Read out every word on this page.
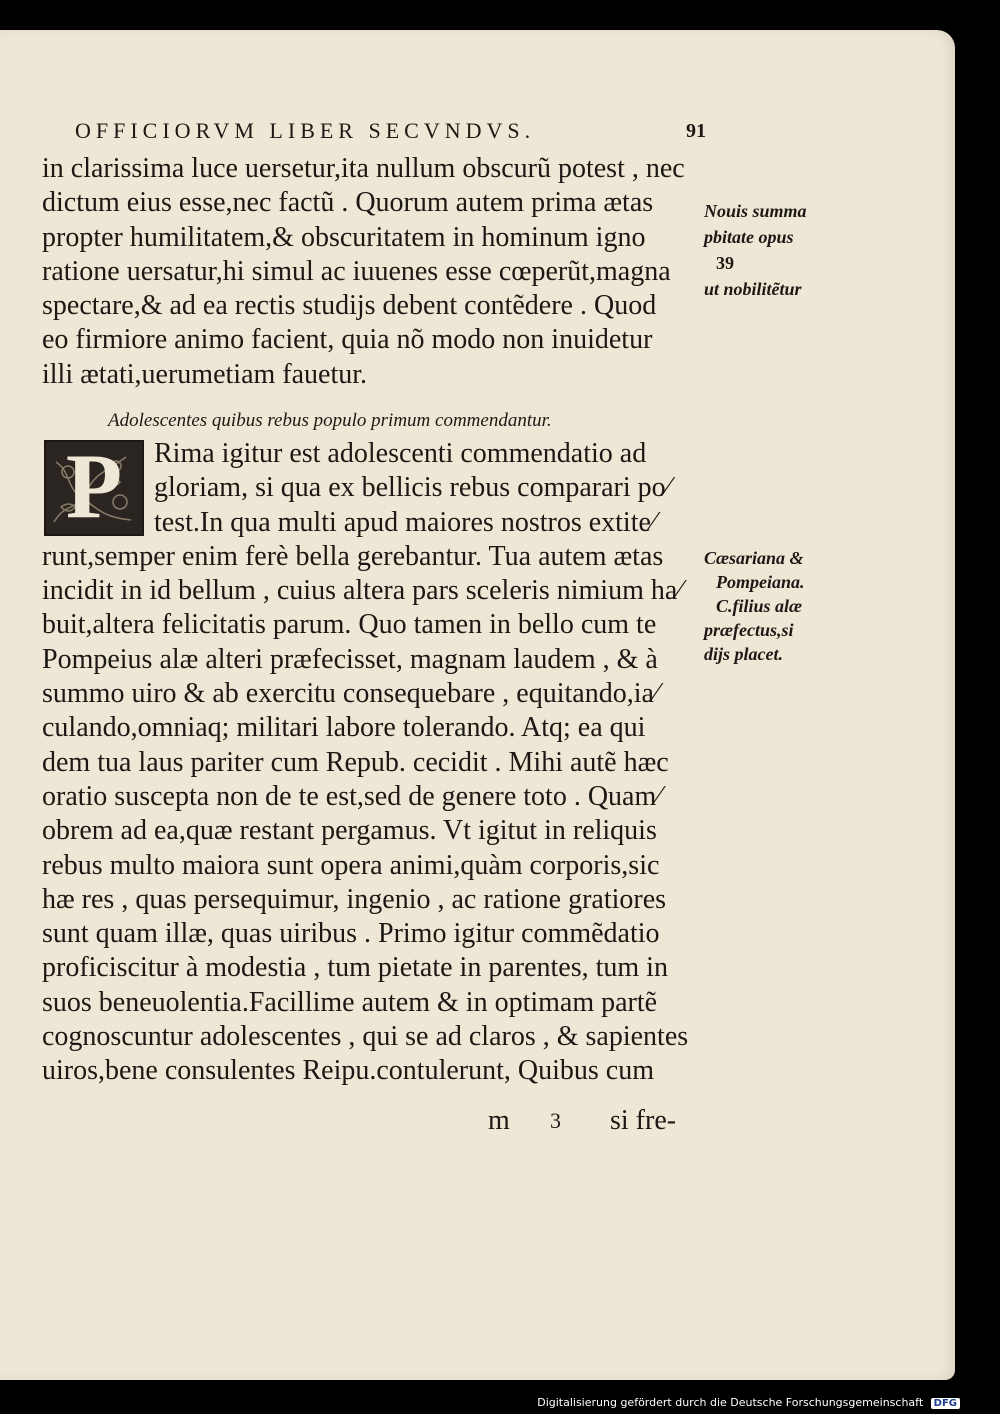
OFFICIORVM LIBER SECVNDVS.	91
in clarissima luce uersetur,ita nullum obscurũ potest , nec
dictum eius esse,nec factũ . Quorum autem prima ætas
propter humilitatem,& obscuritatem in hominum igno
ratione uersatur,hi simul ac iuuenes esse cœperũt,magna
spectare,& ad ea rectis studijs debent contẽdere . Quod
eo firmiore animo facient, quia nõ modo non inuidetur
illi ætati,uerumetiam fauetur.
Adolescentes quibus rebus populo primum commendantur.
P	Rima igitur est adolescenti commendatio ad
gloriam, si qua ex bellicis rebus comparari po⁄
test.In qua multi apud maiores nostros extite⁄
runt,semper enim ferè bella gerebantur. Tua autem ætas
incidit in id bellum , cuius altera pars sceleris nimium ha⁄
buit,altera felicitatis parum. Quo tamen in bello cum te
Pompeius alæ alteri præfecisset, magnam laudem , & à
summo uiro & ab exercitu consequebare , equitando,ia⁄
culando,omniaq; militari labore tolerando. Atq; ea qui
dem tua laus pariter cum Repub. cecidit . Mihi autẽ hæc
oratio suscepta non de te est,sed de genere toto . Quam⁄
obrem ad ea,quæ restant pergamus. Vt igitut in reliquis
rebus multo maiora sunt opera animi,quàm corporis,sic
hæ res , quas persequimur, ingenio , ac ratione gratiores
sunt quam illæ, quas uiribus . Primo igitur commẽdatio
proficiscitur à modestia , tum pietate in parentes, tum in
suos beneuolentia.Facillime autem & in optimam partẽ
cognoscuntur adolescentes , qui se ad claros , & sapientes
uiros,bene consulentes Reipu.contulerunt, Quibus cum
Nouis summa
pbitate opus
39
ut nobilitẽtur
Cæsariana &
Pompeiana.
C.filius alæ
præfectus,si
dijs placet.
m 3 si fre-
Digitalisierung gefördert durch die Deutsche Forschungsgemeinschaft DFG
